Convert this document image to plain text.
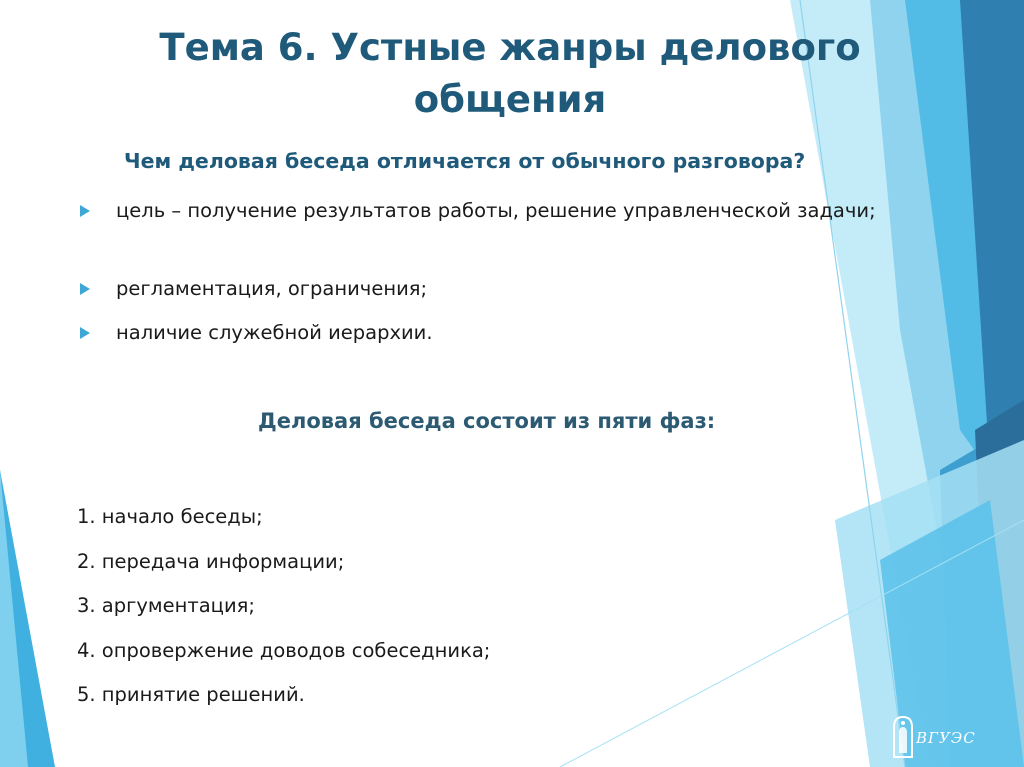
Тема 6. Устные жанры делового общения
Чем деловая беседа отличается от обычного разговора?
цель – получение результатов работы, решение управленческой задачи;
регламентация, ограничения;
наличие служебной иерархии.
Деловая беседа состоит из пяти фаз:
1. начало беседы;
2. передача информации;
3. аргументация;
4. опровержение доводов собеседника;
5. принятие решений.
ВГУЭС
